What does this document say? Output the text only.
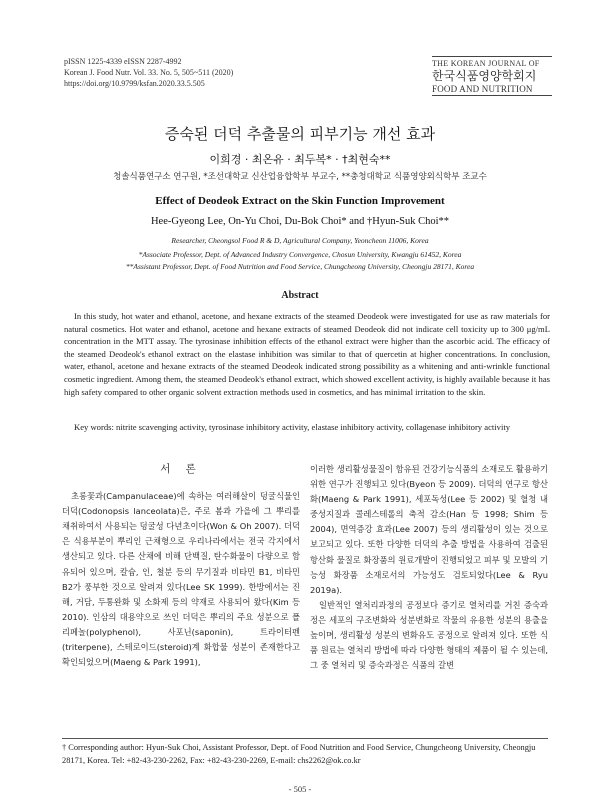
pISSN 1225-4339 eISSN 2287-4992
Korean J. Food Nutr. Vol. 33. No. 5, 505~511 (2020)
https://doi.org/10.9799/ksfan.2020.33.5.505
THE KOREAN JOURNAL OF
한국식품영양학회지
FOOD AND NUTRITION
증숙된 더덕 추출물의 피부기능 개선 효과
이희경 · 최온유 · 최두복* · †최현숙**
청솔식품연구소 연구원, *조선대학교 신산업융합학부 부교수, **충청대학교 식품영양외식학부 조교수
Effect of Deodeok Extract on the Skin Function Improvement
Hee-Gyeong Lee, On-Yu Choi, Du-Bok Choi* and †Hyun-Suk Choi**
Researcher, Cheongsol Food R & D, Agricultural Company, Yeoncheon 11006, Korea
*Associate Professor, Dept. of Advanced Industry Convergence, Chosun University, Kwangju 61452, Korea
**Assistant Professor, Dept. of Food Nutrition and Food Service, Chungcheong University, Cheongju 28171, Korea
Abstract
In this study, hot water and ethanol, acetone, and hexane extracts of the steamed Deodeok were investigated for use as raw materials for natural cosmetics. Hot water and ethanol, acetone and hexane extracts of steamed Deodeok did not indicate cell toxicity up to 300 μg/mL concentration in the MTT assay. The tyrosinase inhibition effects of the ethanol extract were higher than the ascorbic acid. The efficacy of the steamed Deodeok's ethanol extract on the elastase inhibition was similar to that of quercetin at higher concentrations. In conclusion, water, ethanol, acetone and hexane extracts of the steamed Deodeok indicated strong possibility as a whitening and anti-wrinkle functional cosmetic ingredient. Among them, the steamed Deodeok's ethanol extract, which showed excellent activity, is highly available because it has high safety compared to other organic solvent extraction methods used in cosmetics, and has minimal irritation to the skin.
Key words: nitrite scavenging activity, tyrosinase inhibitory activity, elastase inhibitory activity, collagenase inhibitory activity
서 론

초롱꽃과(Campanulaceae)에 속하는 여러해살이 덩굴식물인 더덕(Codonopsis lanceolata)은, 주로 봄과 가을에 그 뿌리를 채취하여서 사용되는 덩굴성 다년초이다(Won & Oh 2007). 더덕은 식용부분이 뿌리인 근채형으로 우리나라에서는 전국 각지에서 생산되고 있다. 다른 산채에 비해 단백질, 탄수화물이 다량으로 함유되어 있으며, 칼슘, 인, 철분 등의 무기질과 비타민 B1, 비타민 B2가 풍부한 것으로 알려져 있다(Lee SK 1999). 한방에서는 진해, 거담, 두통완화 및 소화제 등의 약재로 사용되어 왔다(Kim 등 2010). 인삼의 대용약으로 쓰인 더덕은 뿌리의 주요 성분으로 폴리페놀(polyphenol), 사포닌(saponin), 트라이터펜(triterpene), 스테로이드(steroid)계 화합물 성분이 존재한다고 확인되었으며(Maeng & Park 1991),

이러한 생리활성물질이 함유된 건강기능식품의 소재로도 활용하기 위한 연구가 진행되고 있다(Byeon 등 2009). 더덕의 연구로 항산화(Maeng & Park 1991), 세포독성(Lee 등 2002) 및 혈청 내 중성지질과 콜레스테롤의 축적 감소(Han 등 1998; Shim 등 2004), 면역증강 효과(Lee 2007) 등의 생리활성이 있는 것으로 보고되고 있다. 또한 다양한 더덕의 추출 방법을 사용하여 검출된 항산화 물질로 화장품의 원료개발이 진행되었고 피부 및 모발의 기능성 화장품 소재로서의 가능성도 검토되었다(Lee & Ryu 2019a).

일반적인 열처리과정의 공정보다 증기로 열처리를 거친 증숙과정은 세포의 구조변화와 성분변화로 작물의 유용한 성분의 용출을 높이며, 생리활성 성분의 변화유도 공정으로 알려져 있다. 또한 식품 원료는 열처리 방법에 따라 다양한 형태의 제품이 될 수 있는데, 그 중 열처리 및 증숙과정은 식품의 갈변

† Corresponding author: Hyun-Suk Choi, Assistant Professor, Dept. of Food Nutrition and Food Service, Chungcheong University, Cheongju 28171, Korea. Tel: +82-43-230-2262, Fax: +82-43-230-2269, E-mail: chs2262@ok.co.kr
- 505 -
